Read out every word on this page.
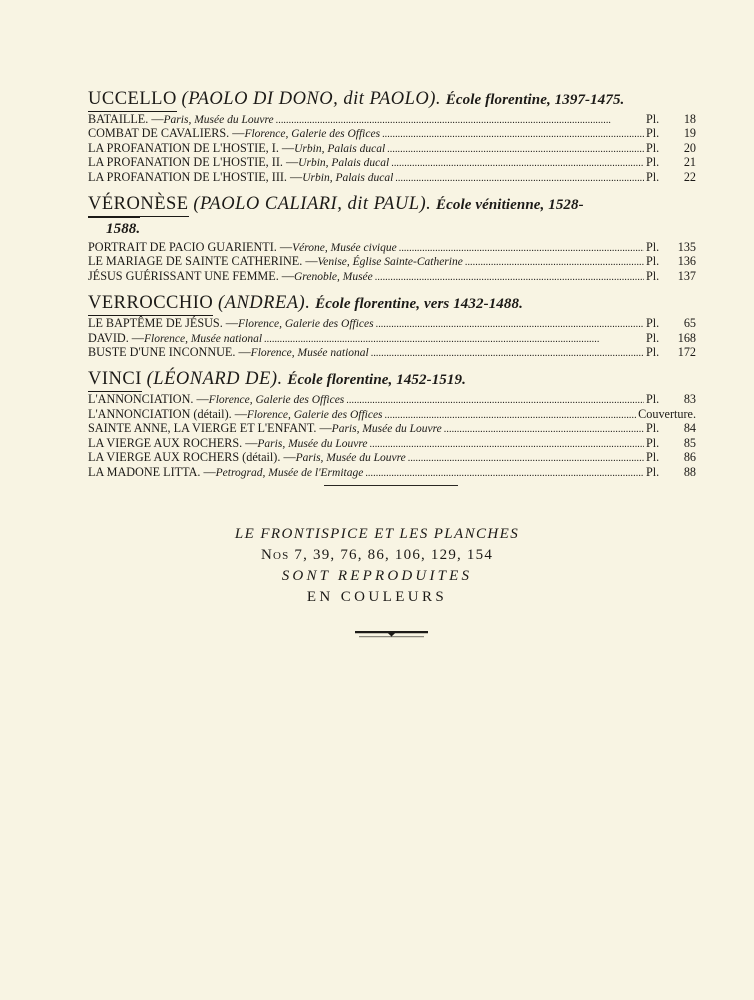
UCCELLO (PAOLO DI DONO, dit PAOLO). École florentine, 1397-1475.
BATAILLE. — Paris, Musée du Louvre . . .	Pl.	18
COMBAT DE CAVALIERS. — Florence, Galerie des Offices . . .	Pl.	19
LA PROFANATION DE L'HOSTIE, I. — Urbin, Palais ducal . . .	Pl.	20
LA PROFANATION DE L'HOSTIE, II. — Urbin, Palais ducal . . .	Pl.	21
LA PROFANATION DE L'HOSTIE, III. — Urbin, Palais ducal . . .	Pl.	22
VÉRONÈSE (PAOLO CALIARI, dit PAUL). École vénitienne, 1528-
1588.
PORTRAIT DE PACIO GUARIENTI. — Vérone, Musée civique . . .	Pl.	135
LE MARIAGE DE SAINTE CATHERINE. — Venise, Église Sainte-Catherine . . .	Pl.	136
JÉSUS GUÉRISSANT UNE FEMME. — Grenoble, Musée . . .	Pl.	137
VERROCCHIO (ANDREA). École florentine, vers 1432-1488.
LE BAPTÊME DE JÉSUS. — Florence, Galerie des Offices . . .	Pl.	65
DAVID. — Florence, Musée national . . .	Pl.	168
BUSTE D'UNE INCONNUE. — Florence, Musée national . . .	Pl.	172
VINCI (LÉONARD DE). École florentine, 1452-1519.
L'ANNONCIATION. — Florence, Galerie des Offices . . .	Pl.	83
L'ANNONCIATION (détail). — Florence, Galerie des Offices . . .	Couverture.
SAINTE ANNE, LA VIERGE ET L'ENFANT. — Paris, Musée du Louvre . . .	Pl.	84
LA VIERGE AUX ROCHERS. — Paris, Musée du Louvre . . .	Pl.	85
LA VIERGE AUX ROCHERS (détail). — Paris, Musée du Louvre . . .	Pl.	86
LA MADONE LITTA. — Petrograd, Musée de l'Ermitage . . .	Pl.	88
LE FRONTISPICE ET LES PLANCHES
Nos 7, 39, 76, 86, 106, 129, 154
SONT REPRODUITES
EN COULEURS
